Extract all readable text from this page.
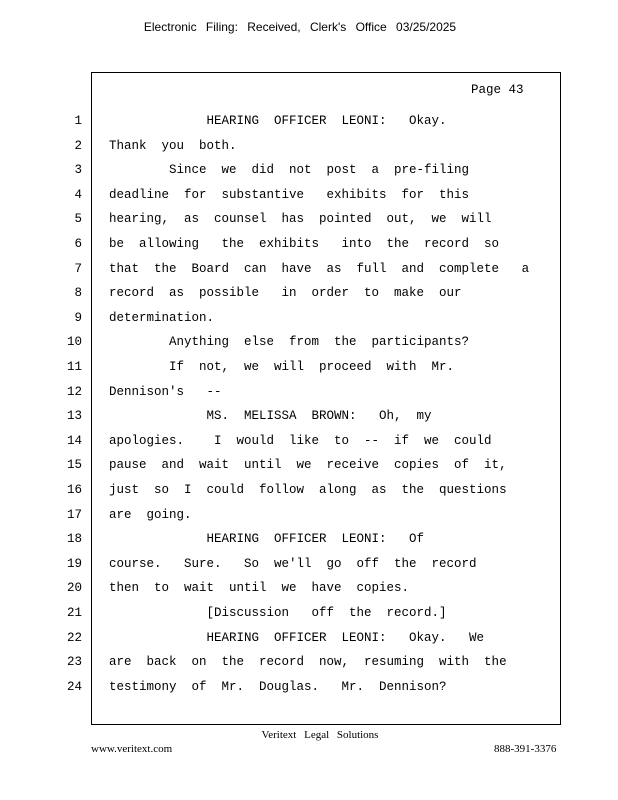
Electronic Filing: Received, Clerk's Office 03/25/2025
Page 43
1 HEARING  OFFICER  LEONI:   Okay.
2 Thank  you  both.
3 Since  we  did  not  post  a  pre-filing
4 deadline  for  substantive   exhibits  for  this
5 hearing,  as  counsel  has  pointed  out,  we  will
6 be  allowing   the  exhibits   into  the  record  so
7 that  the  Board  can  have  as  full  and  complete   a
8 record  as  possible   in  order  to  make  our
9 determination.
10 Anything  else  from  the  participants?
11 If  not,  we  will  proceed  with  Mr.
12 Dennison's   --
13 MS.  MELISSA  BROWN:   Oh,  my
14 apologies.    I  would  like  to  --  if  we  could
15 pause  and  wait  until  we  receive  copies  of  it,
16 just  so  I  could  follow  along  as  the  questions
17 are  going.
18 HEARING  OFFICER  LEONI:   Of
19 course.   Sure.   So  we'll  go  off  the  record
20 then  to  wait  until  we  have  copies.
21 [Discussion   off  the  record.]
22 HEARING  OFFICER  LEONI:   Okay.   We
23 are  back  on  the  record  now,  resuming  with  the
24 testimony  of  Mr.  Douglas.   Mr.  Dennison?
Veritext Legal Solutions
www.veritext.com	888-391-3376
